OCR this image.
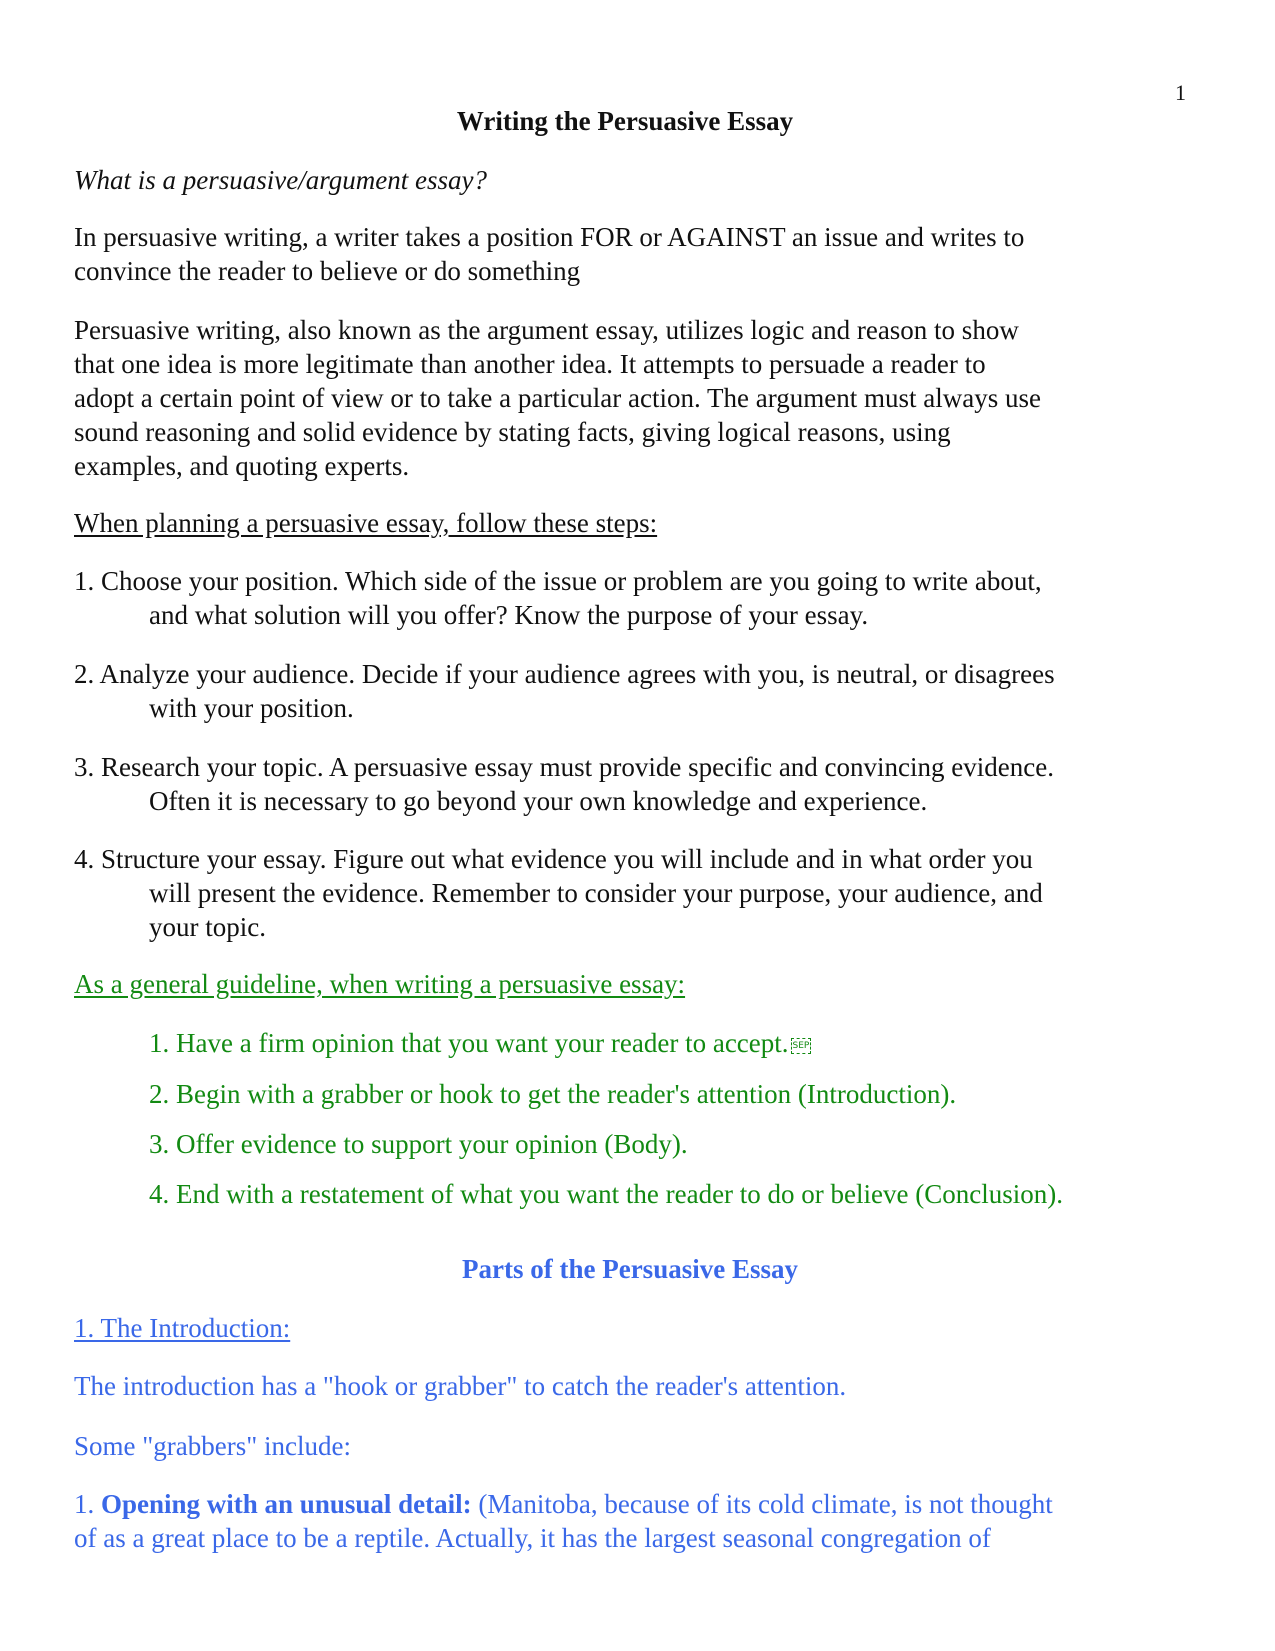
1
Writing the Persuasive Essay
What is a persuasive/argument essay?
In persuasive writing, a writer takes a position FOR or AGAINST an issue and writes to
convince the reader to believe or do something
Persuasive writing, also known as the argument essay, utilizes logic and reason to show
that one idea is more legitimate than another idea. It attempts to persuade a reader to
adopt a certain point of view or to take a particular action. The argument must always use
sound reasoning and solid evidence by stating facts, giving logical reasons, using
examples, and quoting experts.
When planning a persuasive essay, follow these steps:
1. Choose your position. Which side of the issue or problem are you going to write about,
and what solution will you offer? Know the purpose of your essay.
2. Analyze your audience. Decide if your audience agrees with you, is neutral, or disagrees
with your position.
3. Research your topic. A persuasive essay must provide specific and convincing evidence.
Often it is necessary to go beyond your own knowledge and experience.
4. Structure your essay. Figure out what evidence you will include and in what order you
will present the evidence. Remember to consider your purpose, your audience, and
your topic.
As a general guideline, when writing a persuasive essay:
1. Have a firm opinion that you want your reader to accept. SEP
2. Begin with a grabber or hook to get the reader's attention (Introduction).
3. Offer evidence to support your opinion (Body).
4. End with a restatement of what you want the reader to do or believe (Conclusion).
Parts of the Persuasive Essay
1. The Introduction:
The introduction has a "hook or grabber" to catch the reader's attention.
Some "grabbers" include:
1. Opening with an unusual detail: (Manitoba, because of its cold climate, is not thought
of as a great place to be a reptile. Actually, it has the largest seasonal congregation of
